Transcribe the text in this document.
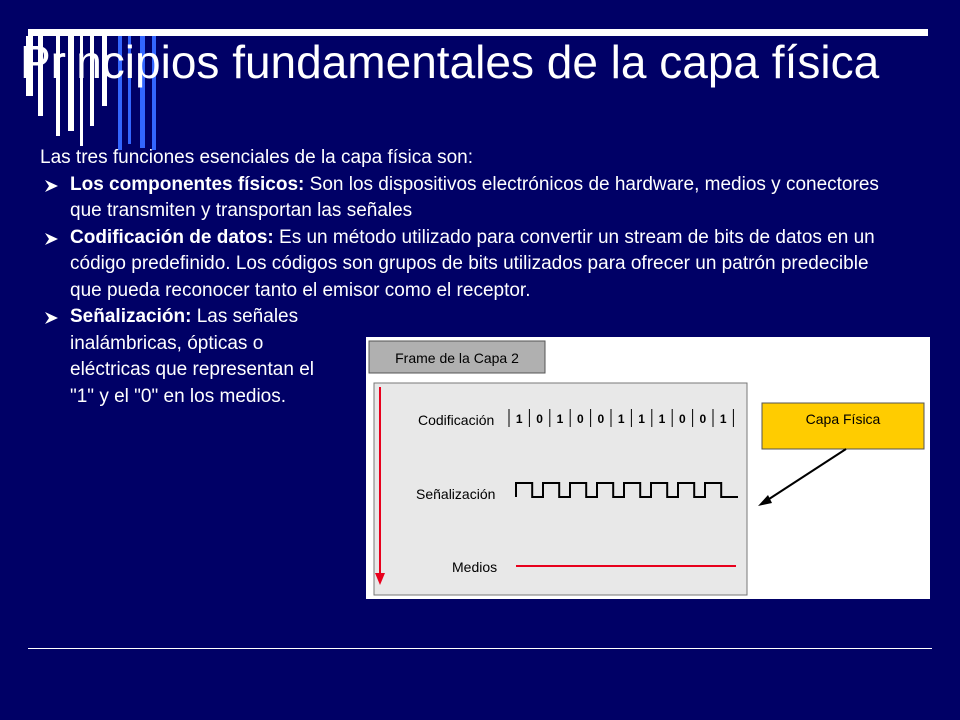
Principios fundamentales de la capa física

Las tres funciones esenciales de la capa física son:

Los componentes físicos: Son los dispositivos electrónicos de hardware, medios y conectores que transmiten y transportan las señales
Codificación de datos: Es un método utilizado para convertir un stream de bits de datos en un código predefinido. Los códigos son grupos de bits utilizados para ofrecer un patrón predecible que pueda reconocer tanto el emisor como el receptor.
Señalización: Las señales inalámbricas, ópticas o eléctricas que representan el "1" y el "0" en los medios.
Frame de la Capa 2
Codificación 1 0 1 0 0 1 1 1 0 0 1
Señalización
Medios
Capa Física
